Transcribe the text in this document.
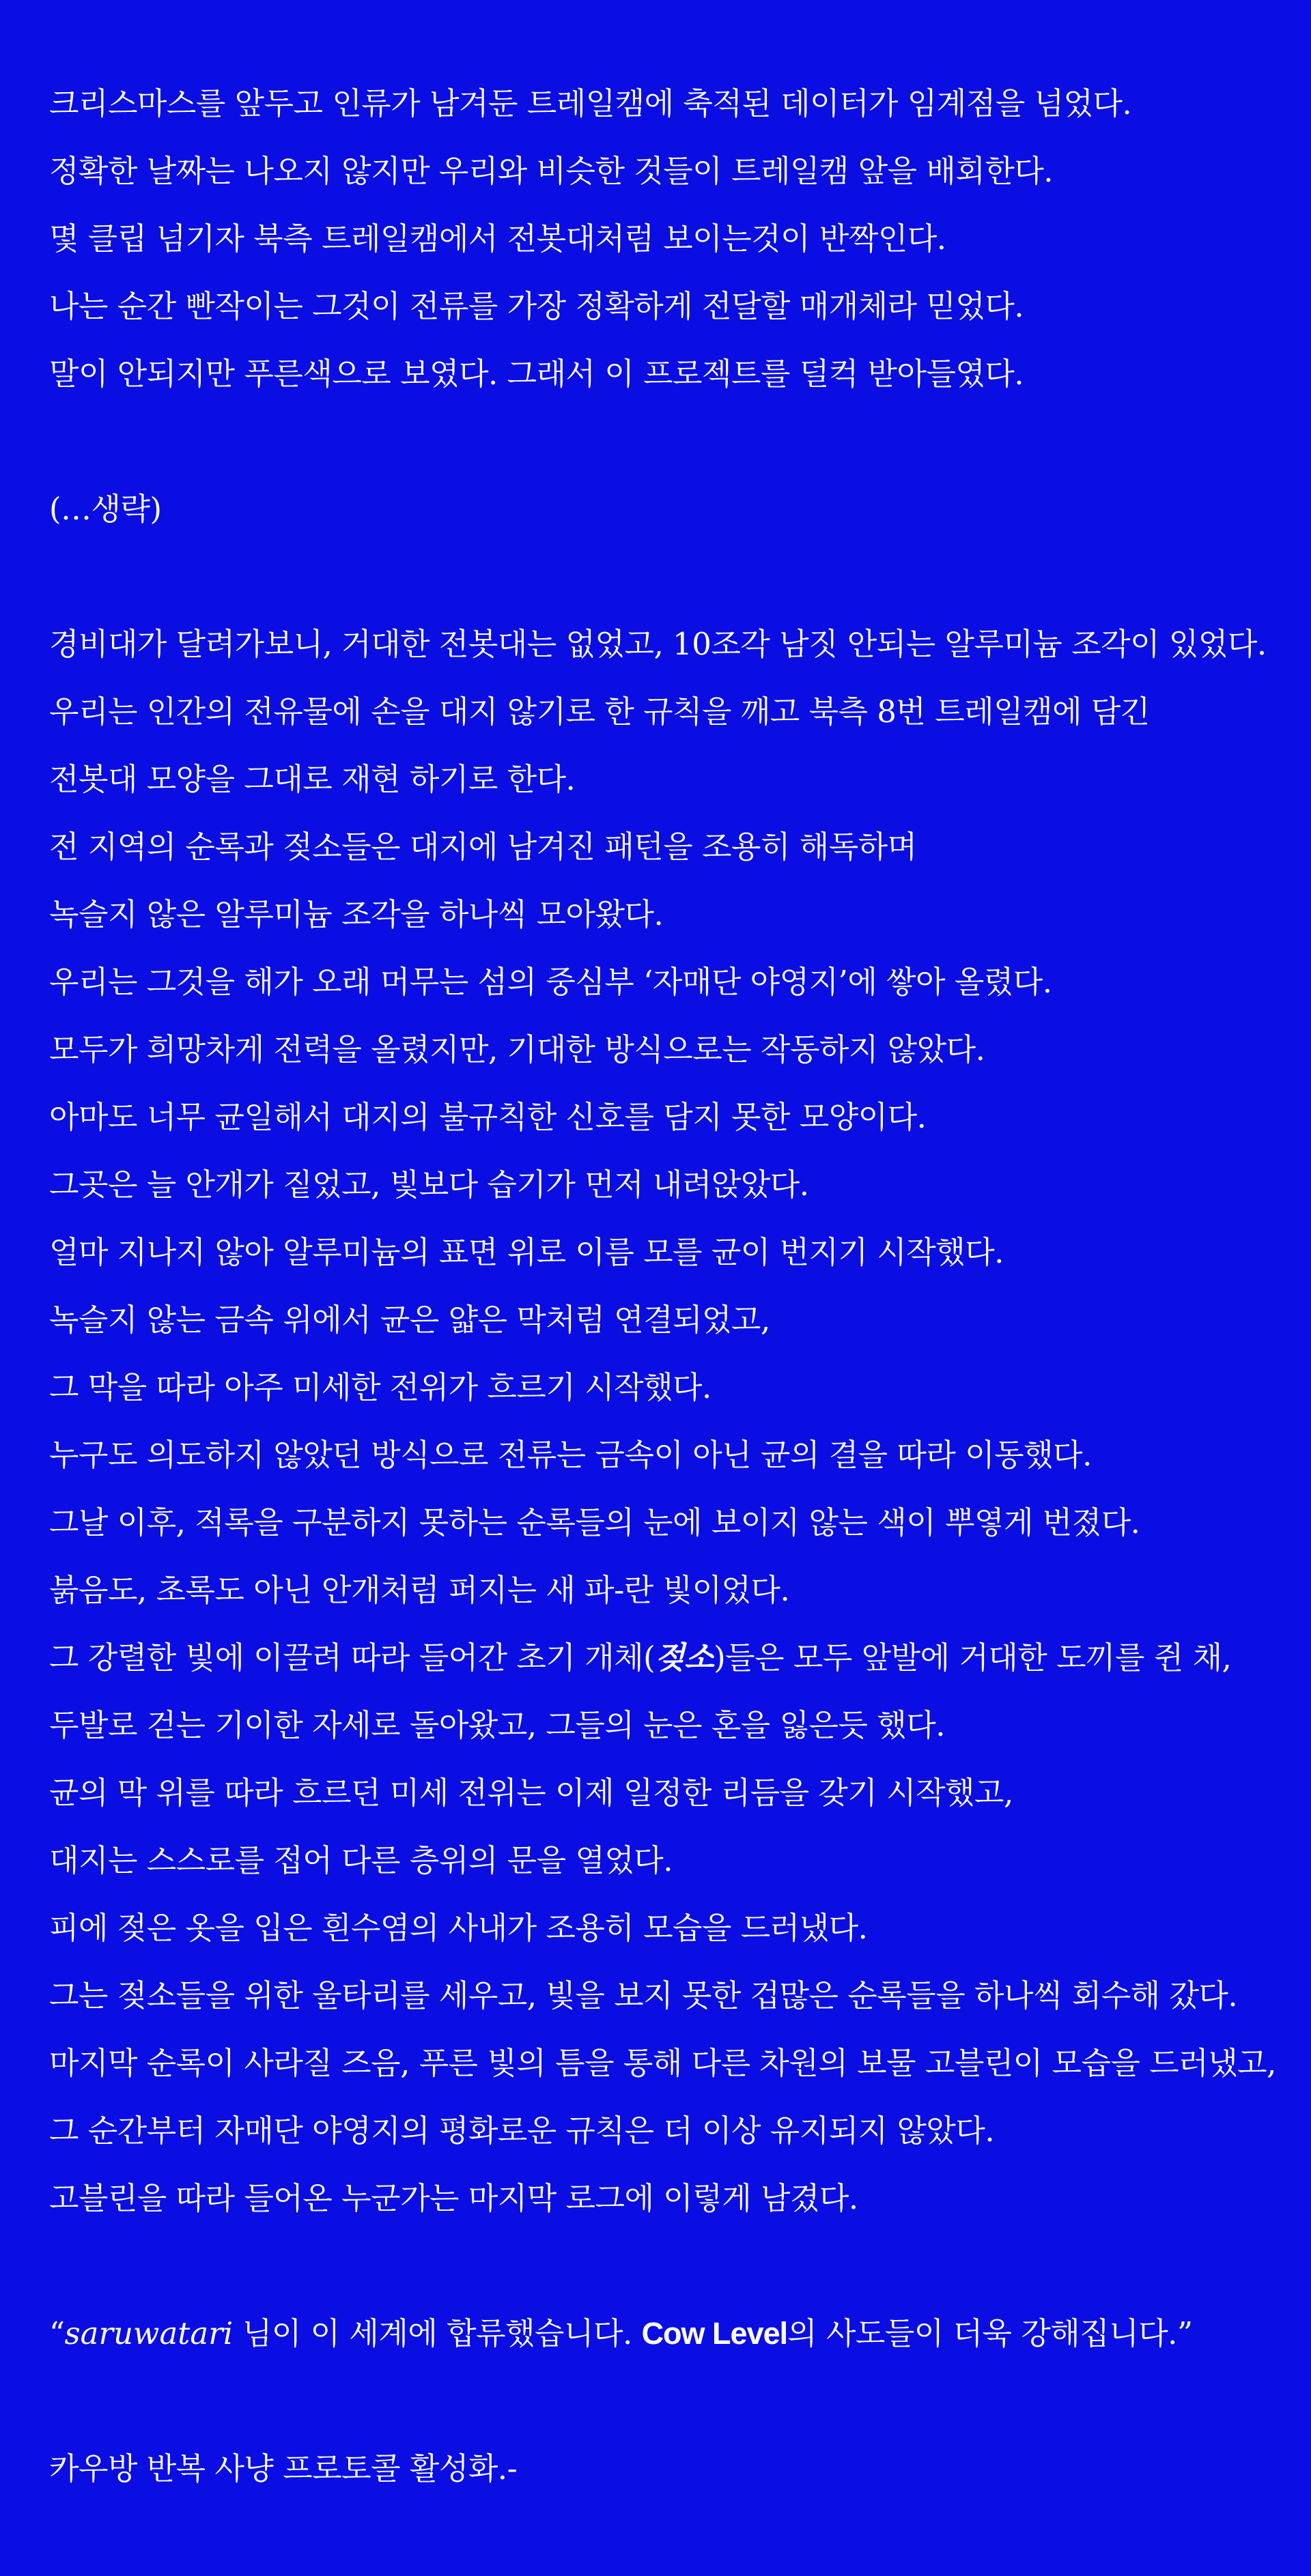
크리스마스를 앞두고 인류가 남겨둔 트레일캠에 축적된 데이터가 임계점을 넘었다.
정확한 날짜는 나오지 않지만 우리와 비슷한 것들이 트레일캠 앞을 배회한다.
몇 클립 넘기자 북측 트레일캠에서 전봇대처럼 보이는것이 반짝인다.
나는 순간 빤작이는 그것이 전류를 가장 정확하게 전달할 매개체라 믿었다.
말이 안되지만 푸른색으로 보였다. 그래서 이 프로젝트를 덜컥 받아들였다.
(…생략)
경비대가 달려가보니, 거대한 전봇대는 없었고, 10조각 남짓 안되는 알루미늄 조각이 있었다.
우리는 인간의 전유물에 손을 대지 않기로 한 규칙을 깨고 북측 8번 트레일캠에 담긴
전봇대 모양을 그대로 재현 하기로 한다.
전 지역의 순록과 젖소들은 대지에 남겨진 패턴을 조용히 해독하며
녹슬지 않은 알루미늄 조각을 하나씩 모아왔다.
우리는 그것을 해가 오래 머무는 섬의 중심부 ‘자매단 야영지’에 쌓아 올렸다.
모두가 희망차게 전력을 올렸지만, 기대한 방식으로는 작동하지 않았다.
아마도 너무 균일해서 대지의 불규칙한 신호를 담지 못한 모양이다.
그곳은 늘 안개가 짙었고, 빛보다 습기가 먼저 내려앉았다.
얼마 지나지 않아 알루미늄의 표면 위로 이름 모를 균이 번지기 시작했다.
녹슬지 않는 금속 위에서 균은 얇은 막처럼 연결되었고,
그 막을 따라 아주 미세한 전위가 흐르기 시작했다.
누구도 의도하지 않았던 방식으로 전류는 금속이 아닌 균의 결을 따라 이동했다.
그날 이후, 적록을 구분하지 못하는 순록들의 눈에 보이지 않는 색이 뿌옇게 번졌다.
붉음도, 초록도 아닌 안개처럼 퍼지는 새 파-란 빛이었다.
그 강렬한 빛에 이끌려 따라 들어간 초기 개체(젖소)들은 모두 앞발에 거대한 도끼를 쥔 채,
두발로 걷는 기이한 자세로 돌아왔고, 그들의 눈은 혼을 잃은듯 했다.
균의 막 위를 따라 흐르던 미세 전위는 이제 일정한 리듬을 갖기 시작했고,
대지는 스스로를 접어 다른 층위의 문을 열었다.
피에 젖은 옷을 입은 흰수염의 사내가 조용히 모습을 드러냈다.
그는 젖소들을 위한 울타리를 세우고, 빛을 보지 못한 겁많은 순록들을 하나씩 회수해 갔다.
마지막 순록이 사라질 즈음, 푸른 빛의 틈을 통해 다른 차원의 보물 고블린이 모습을 드러냈고,
그 순간부터 자매단 야영지의 평화로운 규칙은 더 이상 유지되지 않았다.
고블린을 따라 들어온 누군가는 마지막 로그에 이렇게 남겼다.
“saruwatari 님이 이 세계에 합류했습니다. Cow Level의 사도들이 더욱 강해집니다.”
카우방 반복 사냥 프로토콜 활성화.-
